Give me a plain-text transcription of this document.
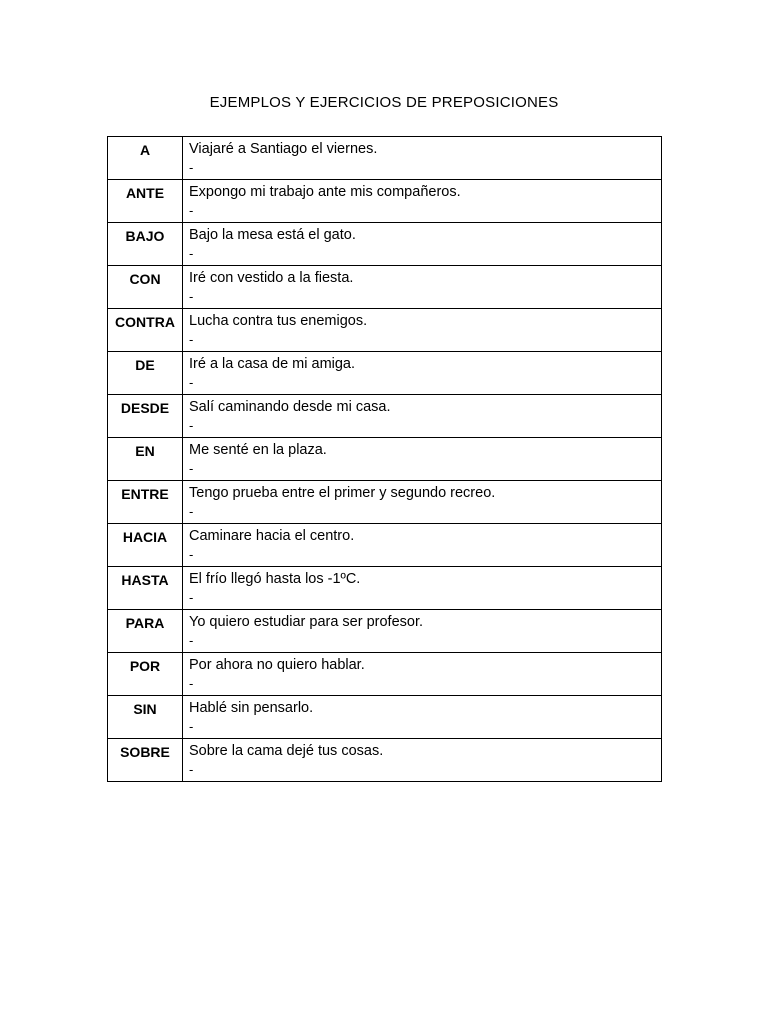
EJEMPLOS Y EJERCICIOS DE PREPOSICIONES
A	Viajaré a Santiago el viernes.
-

ANTE	Expongo mi trabajo ante mis compañeros.
-

BAJO	Bajo la mesa está el gato.
-

CON	Iré con vestido a la fiesta.
-

CONTRA	Lucha contra tus enemigos.
-

DE	Iré a la casa de mi amiga.
-

DESDE	Salí caminando desde mi casa.
-

EN	Me senté en la plaza.
-

ENTRE	Tengo prueba entre el primer y segundo recreo.
-

HACIA	Caminare hacia el centro.
-

HASTA	El frío llegó hasta los -1ºC.
-

PARA	Yo quiero estudiar para ser profesor.
-

POR	Por ahora no quiero hablar.
-

SIN	Hablé sin pensarlo.
-

SOBRE	Sobre la cama dejé tus cosas.
-
